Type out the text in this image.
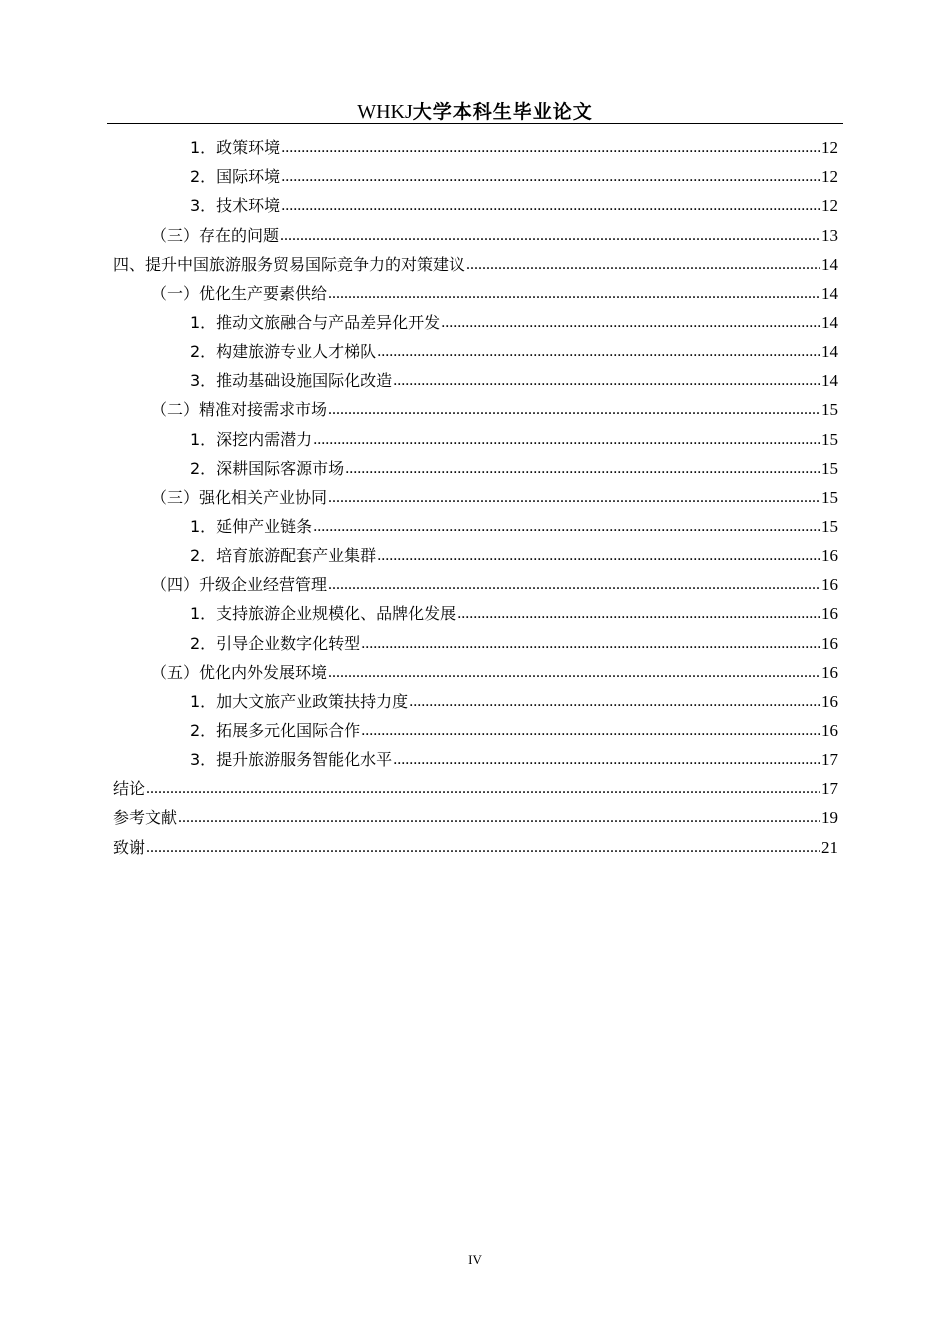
WHKJ大学本科生毕业论文
1．政策环境 .....	12
2．国际环境 .....	12
3．技术环境 .....	12
（三）存在的问题 .....	13
四、提升中国旅游服务贸易国际竞争力的对策建议 .....	14
（一）优化生产要素供给 .....	14
1．推动文旅融合与产品差异化开发 .....	14
2．构建旅游专业人才梯队 .....	14
3．推动基础设施国际化改造 .....	14
（二）精准对接需求市场 .....	15
1．深挖内需潜力 .....	15
2．深耕国际客源市场 .....	15
（三）强化相关产业协同 .....	15
1．延伸产业链条 .....	15
2．培育旅游配套产业集群 .....	16
（四）升级企业经营管理 .....	16
1．支持旅游企业规模化、品牌化发展 .....	16
2．引导企业数字化转型 .....	16
（五）优化内外发展环境 .....	16
1．加大文旅产业政策扶持力度 .....	16
2．拓展多元化国际合作 .....	16
3．提升旅游服务智能化水平 .....	17
结论 .....	17
参考文献 .....	19
致谢 .....	21
IV
